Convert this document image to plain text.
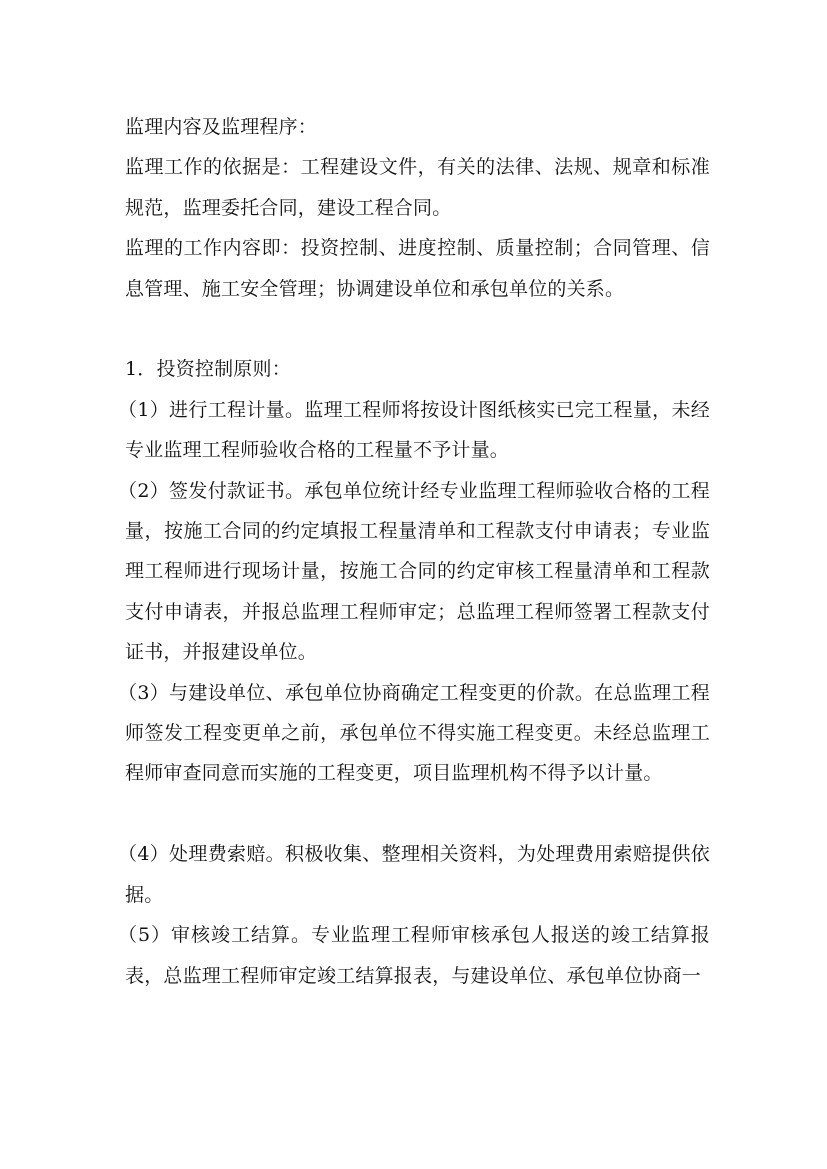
监理内容及监理程序：

监理工作的依据是：工程建设文件，有关的法律、法规、规章和标准规范，监理委托合同，建设工程合同。

监理的工作内容即：投资控制、进度控制、质量控制；合同管理、信息管理、施工安全管理；协调建设单位和承包单位的关系。

1．投资控制原则：

（1）进行工程计量。监理工程师将按设计图纸核实已完工程量，未经专业监理工程师验收合格的工程量不予计量。

（2）签发付款证书。承包单位统计经专业监理工程师验收合格的工程量，按施工合同的约定填报工程量清单和工程款支付申请表；专业监理工程师进行现场计量，按施工合同的约定审核工程量清单和工程款支付申请表，并报总监理工程师审定；总监理工程师签署工程款支付证书，并报建设单位。

（3）与建设单位、承包单位协商确定工程变更的价款。在总监理工程师签发工程变更单之前，承包单位不得实施工程变更。未经总监理工程师审查同意而实施的工程变更，项目监理机构不得予以计量。

（4）处理费索赔。积极收集、整理相关资料，为处理费用索赔提供依据。

（5）审核竣工结算。专业监理工程师审核承包人报送的竣工结算报表，总监理工程师审定竣工结算报表，与建设单位、承包单位协商一
